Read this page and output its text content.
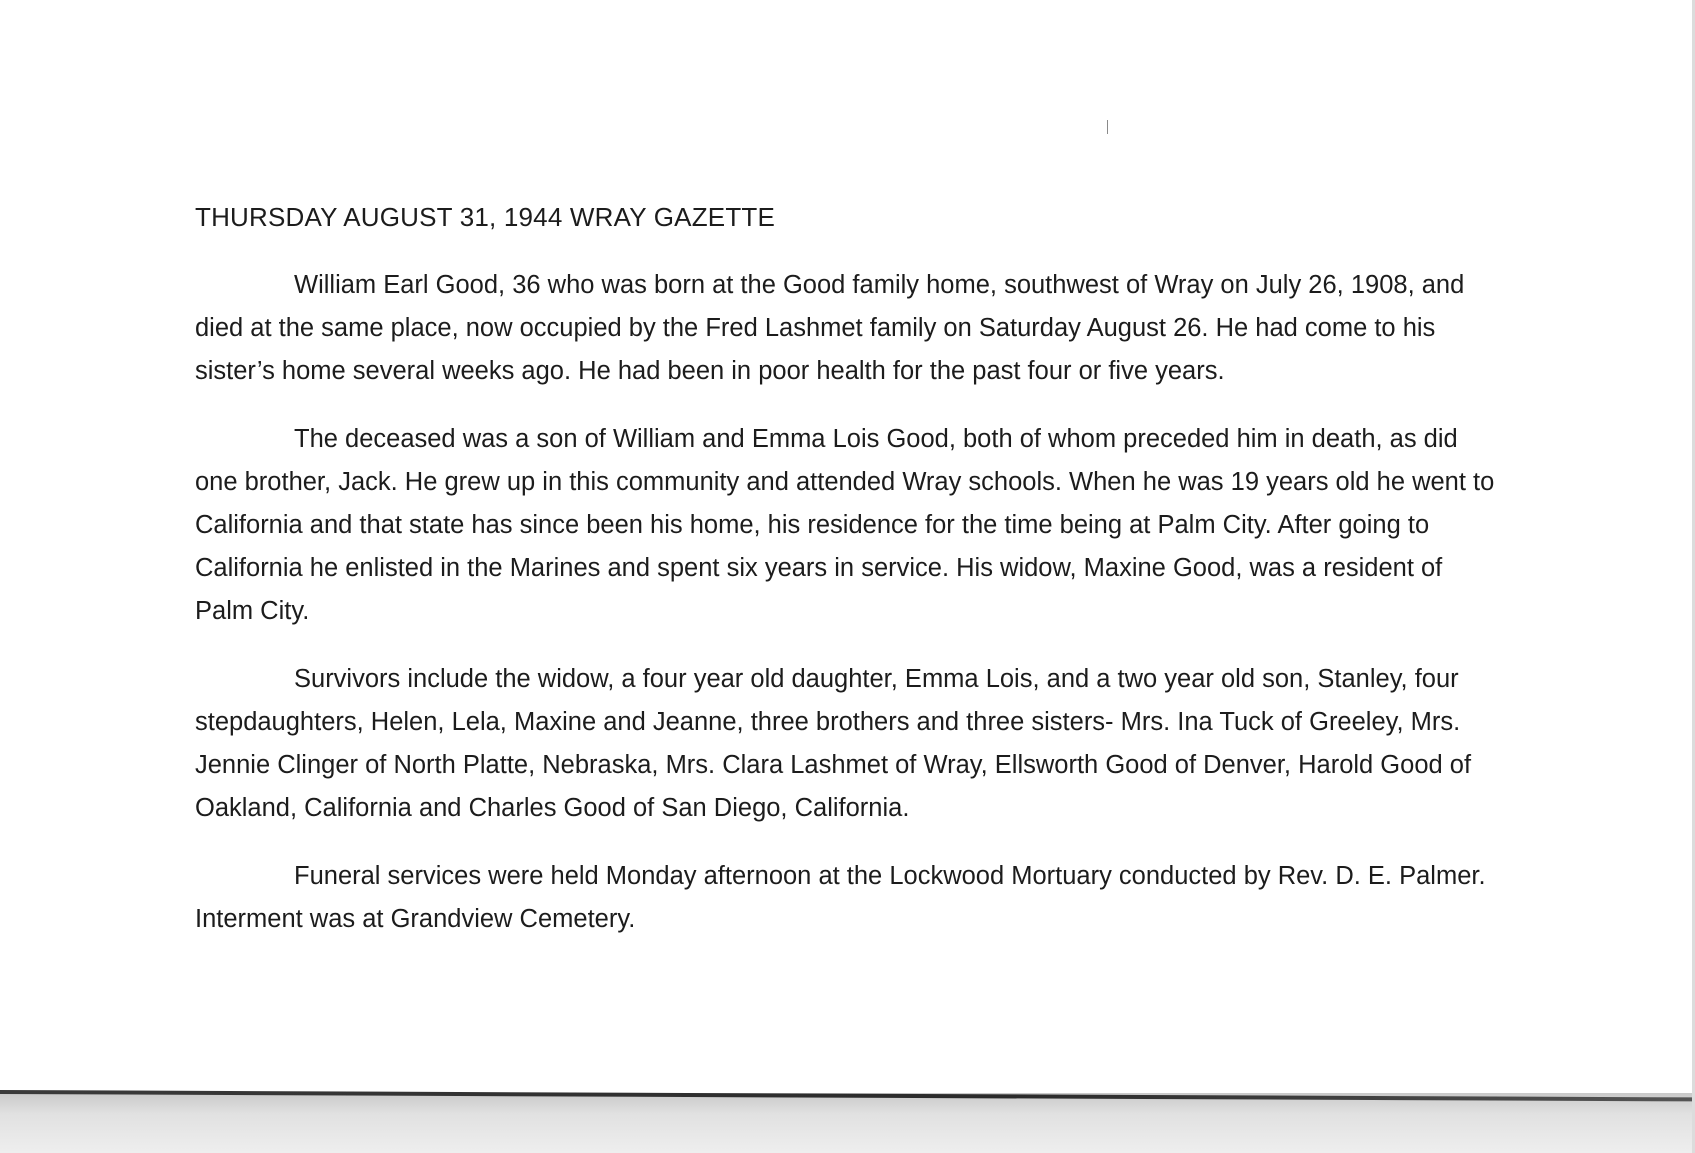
THURSDAY AUGUST 31, 1944 WRAY GAZETTE

William Earl Good, 36 who was born at the Good family home, southwest of Wray on July 26, 1908, and died at the same place, now occupied by the Fred Lashmet family on Saturday August 26. He had come to his sister’s home several weeks ago. He had been in poor health for the past four or five years.

The deceased was a son of William and Emma Lois Good, both of whom preceded him in death, as did one brother, Jack. He grew up in this community and attended Wray schools. When he was 19 years old he went to California and that state has since been his home, his residence for the time being at Palm City. After going to California he enlisted in the Marines and spent six years in service. His widow, Maxine Good, was a resident of Palm City.

Survivors include the widow, a four year old daughter, Emma Lois, and a two year old son, Stanley, four stepdaughters, Helen, Lela, Maxine and Jeanne, three brothers and three sisters- Mrs. Ina Tuck of Greeley, Mrs. Jennie Clinger of North Platte, Nebraska, Mrs. Clara Lashmet of Wray, Ellsworth Good of Denver, Harold Good of Oakland, California and Charles Good of San Diego, California.

Funeral services were held Monday afternoon at the Lockwood Mortuary conducted by Rev. D. E. Palmer. Interment was at Grandview Cemetery.
